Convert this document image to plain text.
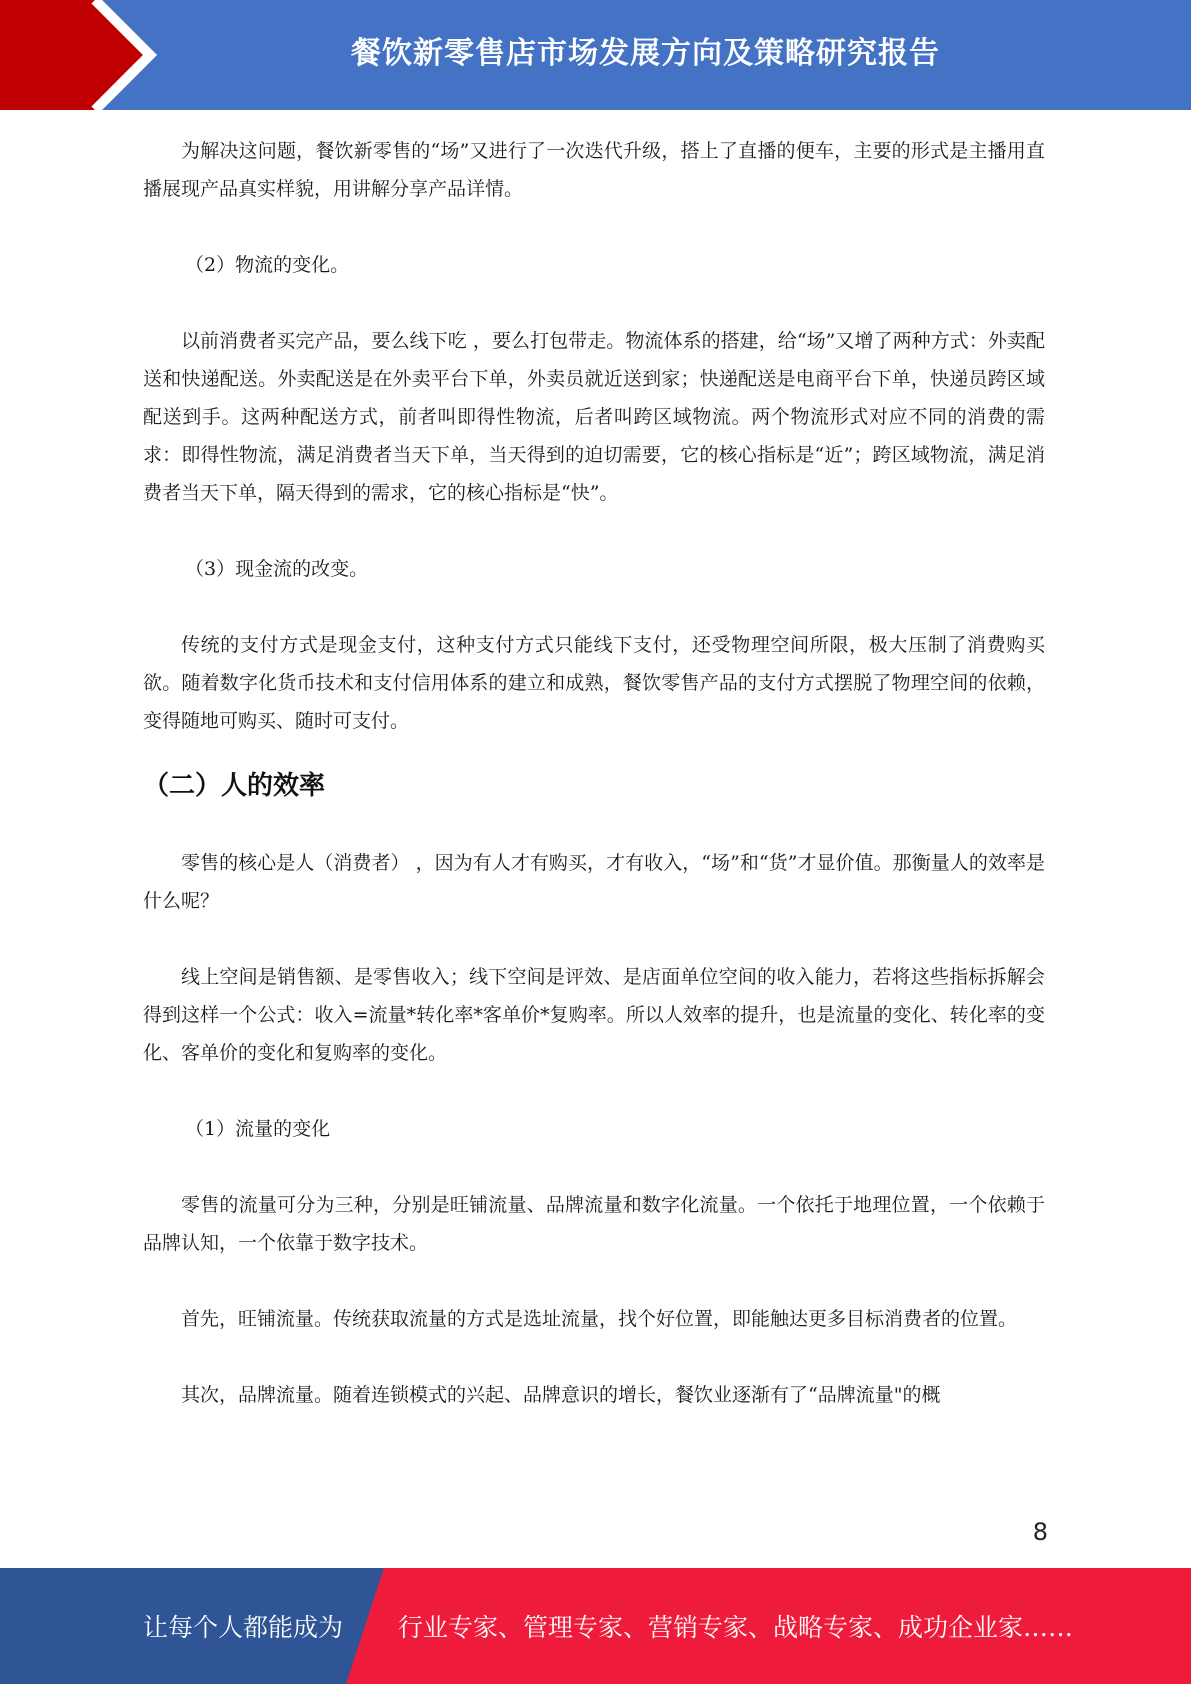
餐饮新零售店市场发展方向及策略研究报告

为解决这问题，餐饮新零售的“场”又进行了一次迭代升级，搭上了直播的便车，主要的形式是主播用直播展现产品真实样貌，用讲解分享产品详情。

（2）物流的变化。

以前消费者买完产品，要么线下吃 ，要么打包带走。物流体系的搭建，给“场”又增了两种方式：外卖配送和快递配送。外卖配送是在外卖平台下单，外卖员就近送到家；快递配送是电商平台下单，快递员跨区域配送到手。这两种配送方式，前者叫即得性物流，后者叫跨区域物流。两个物流形式对应不同的消费的需求：即得性物流，满足消费者当天下单，当天得到的迫切需要，它的核心指标是“近”；跨区域物流，满足消费者当天下单，隔天得到的需求，它的核心指标是“快”。

（3）现金流的改变。

传统的支付方式是现金支付，这种支付方式只能线下支付，还受物理空间所限，极大压制了消费购买欲。随着数字化货币技术和支付信用体系的建立和成熟，餐饮零售产品的支付方式摆脱了物理空间的依赖，变得随地可购买、随时可支付。

（二）人的效率

零售的核心是人（消费者） ，因为有人才有购买，才有收入，“场”和“货”才显价值。那衡量人的效率是什么呢？

线上空间是销售额、是零售收入；线下空间是评效、是店面单位空间的收入能力，若将这些指标拆解会得到这样一个公式：收入=流量*转化率*客单价*复购率。所以人效率的提升，也是流量的变化、转化率的变化、客单价的变化和复购率的变化。

（1）流量的变化

零售的流量可分为三种，分别是旺铺流量、品牌流量和数字化流量。一个依托于地理位置，一个依赖于品牌认知，一个依靠于数字技术。

首先，旺铺流量。传统获取流量的方式是选址流量，找个好位置，即能触达更多目标消费者的位置。

其次，品牌流量。随着连锁模式的兴起、品牌意识的增长，餐饮业逐渐有了“品牌流量"的概

8
让每个人都能成为 行业专家、管理专家、营销专家、战略专家、成功企业家……
